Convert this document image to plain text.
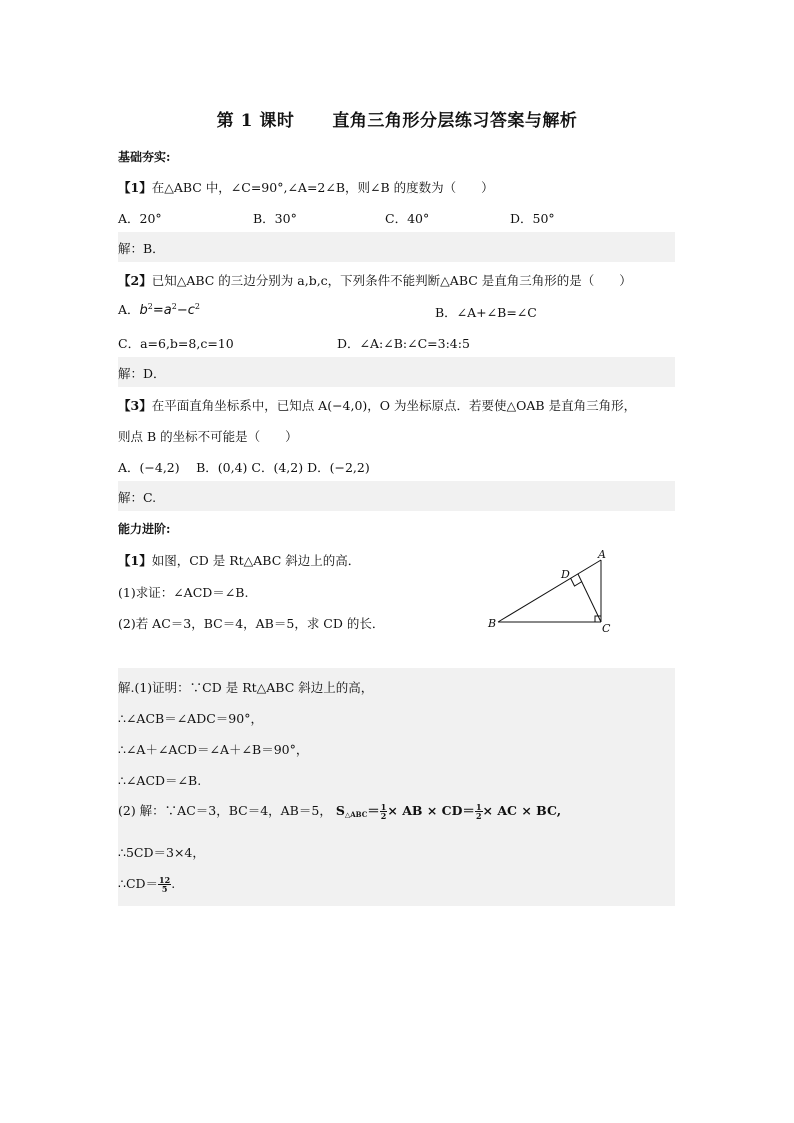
第 1 课时 直角三角形分层练习答案与解析
基础夯实:
【1】在△ABC 中，∠C=90°,∠A=2∠B，则∠B 的度数为（　　）
A．20°	B．30°	C．40°	D．50°
解：B．
【2】已知△ABC 的三边分别为 a,b,c，下列条件不能判断△ABC 是直角三角形的是（　　）
A．$b^2=a^2-c^2$	B．∠A+∠B=∠C
C．a=6,b=8,c=10	D．∠A:∠B:∠C=3:4:5
解：D．
【3】在平面直角坐标系中，已知点 A(−4,0)，O 为坐标原点．若要使△OAB 是直角三角形，
则点 B 的坐标不可能是（　　）
A．(−4,2)　 B．(0,4) C．(4,2) D．(−2,2)
解：C.
能力进阶:
【1】如图，CD 是 Rt△ABC 斜边上的高．
(1)求证：∠ACD＝∠B.
(2)若 AC＝3，BC＝4，AB＝5，求 CD 的长．
A
B	C
D
解.(1)证明：∵CD 是 Rt△ABC 斜边上的高，
∴∠ACB＝∠ADC＝90°，
∴∠A＋∠ACD＝∠A＋∠B＝90°，
∴∠ACD＝∠B.
(2) 解：∵AC＝3，BC＝4，AB＝5， $S_{\triangle ABC}= \frac{1}{2}$ × AB × $CD= \frac{1}{2}$ × AC × BC,
∴5CD＝3×4，
∴CD＝ $\frac{12}{5}$ .
